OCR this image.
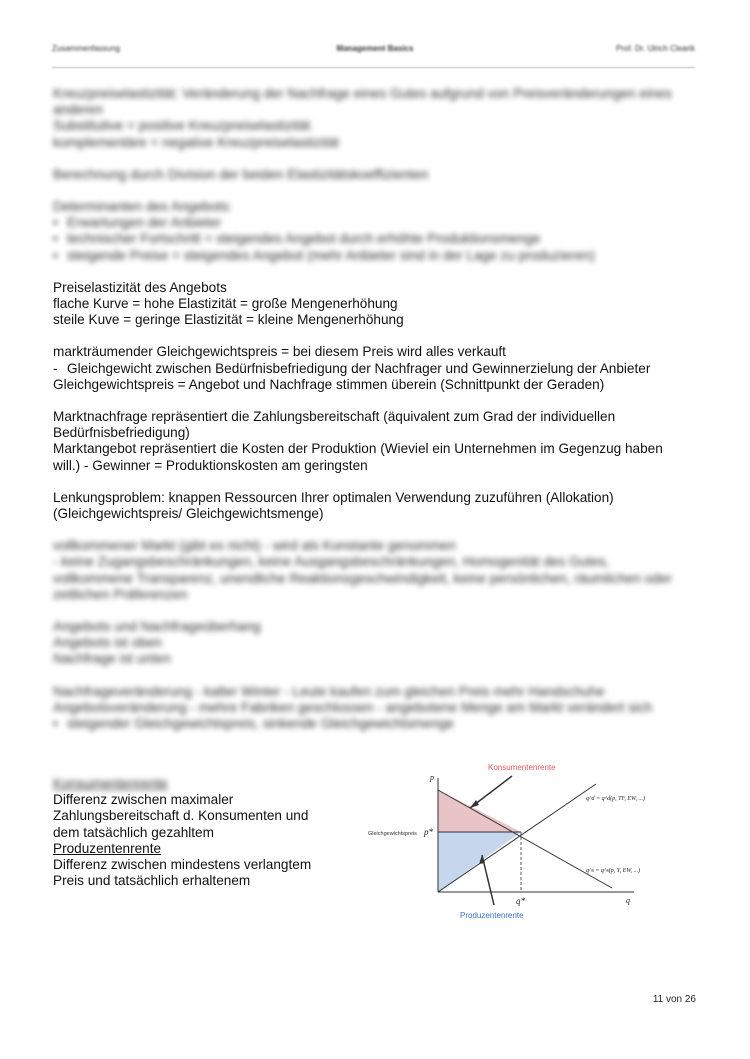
Zusammenfassung	Management Basics	Prof. Dr. Ulrich Clearik

Kreuzpreiselastizität: Veränderung der Nachfrage eines Gutes aufgrund von Preisveränderungen eines

anderen

Substitutive = positive Kreuzpreiselastizität

komplementäre = negative Kreuzpreiselastizität

Berechnung durch Division der beiden Elastizitätskoeffizienten

Determinanten des Angebots:

• Erwartungen der Anbieter
• technischer Fortschritt = steigendes Angebot durch erhöhte Produktionsmenge
• steigende Preise = steigendes Angebot (mehr Anbieter sind in der Lage zu produzieren)

Preiselastizität des Angebots

flache Kurve = hohe Elastizität = große Mengenerhöhung

steile Kuve = geringe Elastizität = kleine Mengenerhöhung

markträumender Gleichgewichtspreis = bei diesem Preis wird alles verkauft

- Gleichgewicht zwischen Bedürfnisbefriedigung der Nachfrager und Gewinnerzielung der Anbieter

Gleichgewichtspreis = Angebot und Nachfrage stimmen überein (Schnittpunkt der Geraden)

Marktnachfrage repräsentiert die Zahlungsbereitschaft (äquivalent zum Grad der individuellen

Bedürfnisbefriedigung)

Marktangebot repräsentiert die Kosten der Produktion (Wieviel ein Unternehmen im Gegenzug haben

will.) - Gewinner = Produktionskosten am geringsten

Lenkungsproblem: knappen Ressourcen Ihrer optimalen Verwendung zuzuführen (Allokation)

(Gleichgewichtspreis/ Gleichgewichtsmenge)

vollkommener Markt (gibt es nicht) - wird als Konstante genommen

- keine Zugangsbeschränkungen, keine Ausgangsbeschränkungen, Homogenität des Gutes,

vollkommene Transparenz, unendliche Reaktionsgeschwindigkeit, keine persönlichen, räumlichen oder

zeitlichen Präferenzen

Angebots und Nachfrageüberhang

Angebots ist oben

Nachfrage ist unten

Nachfrageveränderung - kalter Winter - Leute kaufen zum gleichen Preis mehr Handschuhe

Angebotsveränderung - mehre Fabriken geschlossen - angebotene Menge am Markt verändert sich

• steigender Gleichgewichtspreis, sinkende Gleichgewichtsmenge

Konsumentenrente

Differenz zwischen maximaler

Zahlungsbereitschaft d. Konsumenten und

dem tatsächlich gezahltem

Produzentenrente

Differenz zwischen mindestens verlangtem

Preis und tatsächlich erhaltenem

Konsumentenrente
Produzentenrente
Gleichgewichtspreis p*
q*
p
q
q^d = q^d(p, TF, EW, ...)
q^s = q^s(p, Y, EW, ...)
11 von 26
